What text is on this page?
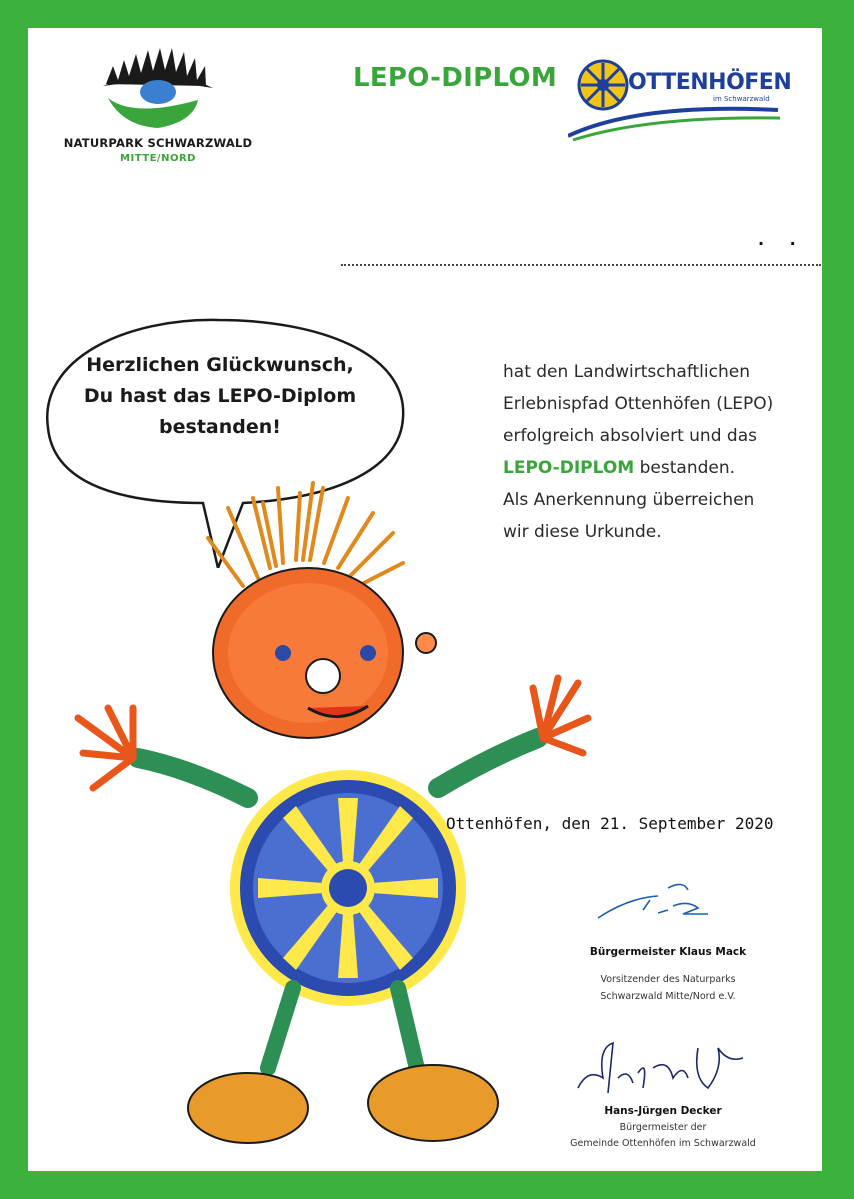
NATURPARK SCHWARZWALD
MITTE/NORD
LEPO-DIPLOM	OTTENHÖFEN
im Schwarzwald
. .
Herzlichen Glückwunsch,
Du hast das LEPO-Diplom
bestanden!
hat den Landwirtschaftlichen
Erlebnispfad Ottenhöfen (LEPO)
erfolgreich absolviert und das
LEPO-DIPLOM bestanden.
Als Anerkennung überreichen
wir diese Urkunde.
Ottenhöfen, den 21. September 2020
Bürgermeister Klaus Mack
Vorsitzender des Naturparks
Schwarzwald Mitte/Nord e.V.
Hans-Jürgen Decker
Bürgermeister der
Gemeinde Ottenhöfen im Schwarzwald
